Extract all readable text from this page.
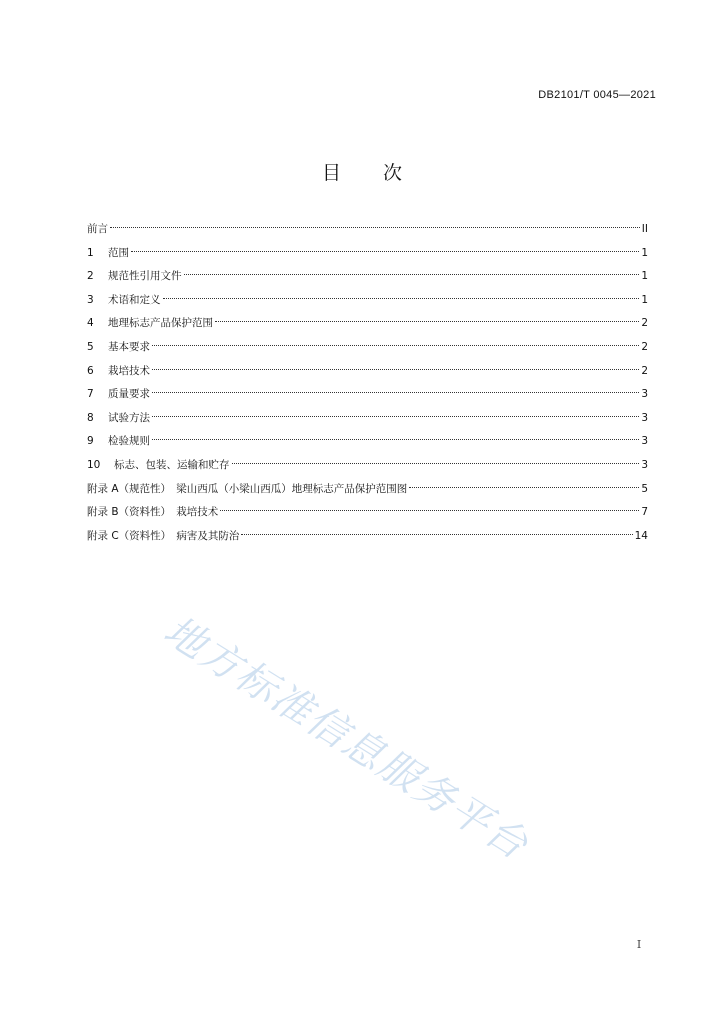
DB2101/T 0045—2021
目 次
前言	II
1	范围	1
2	规范性引用文件	1
3	术语和定义	1
4	地理标志产品保护范围	2
5	基本要求	2
6	栽培技术	2
7	质量要求	3
8	试验方法	3
9	检验规则	3
10	标志、包装、运输和贮存	3
附录 A（规范性）　梁山西瓜（小梁山西瓜）地理标志产品保护范围图	5
附录 B（资料性）　栽培技术	7
附录 C（资料性）　病害及其防治	14
地方标准信息服务平台
I
